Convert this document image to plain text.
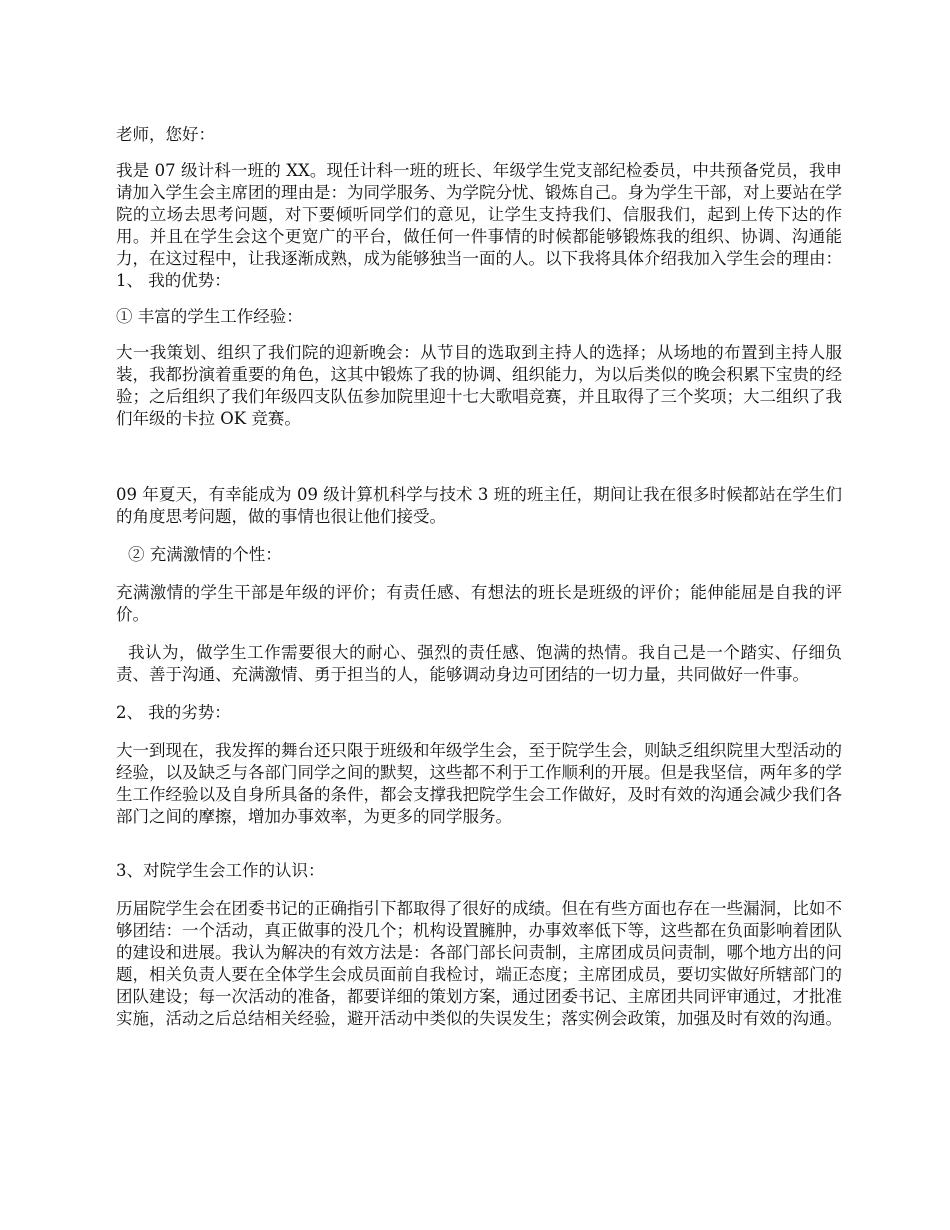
老师，您好：

我是 07 级计科一班的 XX。现任计科一班的班长、年级学生党支部纪检委员，中共预备党员，我申请加入学生会主席团的理由是：为同学服务、为学院分忧、锻炼自己。身为学生干部，对上要站在学院的立场去思考问题，对下要倾听同学们的意见，让学生支持我们、信服我们，起到上传下达的作用。并且在学生会这个更宽广的平台，做任何一件事情的时候都能够锻炼我的组织、协调、沟通能力，在这过程中，让我逐渐成熟，成为能够独当一面的人。以下我将具体介绍我加入学生会的理由：

1、 我的优势：

① 丰富的学生工作经验：

大一我策划、组织了我们院的迎新晚会：从节目的选取到主持人的选择；从场地的布置到主持人服装，我都扮演着重要的角色，这其中锻炼了我的协调、组织能力，为以后类似的晚会积累下宝贵的经验；之后组织了我们年级四支队伍参加院里迎十七大歌唱竞赛，并且取得了三个奖项；大二组织了我们年级的卡拉 OK 竞赛。

09 年夏天，有幸能成为 09 级计算机科学与技术 3 班的班主任，期间让我在很多时候都站在学生们的角度思考问题，做的事情也很让他们接受。

② 充满激情的个性：

充满激情的学生干部是年级的评价；有责任感、有想法的班长是班级的评价；能伸能屈是自我的评价。

我认为，做学生工作需要很大的耐心、强烈的责任感、饱满的热情。我自己是一个踏实、仔细负责、善于沟通、充满激情、勇于担当的人，能够调动身边可团结的一切力量，共同做好一件事。

2、 我的劣势：

大一到现在，我发挥的舞台还只限于班级和年级学生会，至于院学生会，则缺乏组织院里大型活动的经验，以及缺乏与各部门同学之间的默契，这些都不利于工作顺利的开展。但是我坚信，两年多的学生工作经验以及自身所具备的条件，都会支撑我把院学生会工作做好，及时有效的沟通会减少我们各部门之间的摩擦，增加办事效率，为更多的同学服务。

3、对院学生会工作的认识：

历届院学生会在团委书记的正确指引下都取得了很好的成绩。但在有些方面也存在一些漏洞，比如不够团结：一个活动，真正做事的没几个；机构设置臃肿，办事效率低下等，这些都在负面影响着团队的建设和进展。我认为解决的有效方法是：各部门部长问责制，主席团成员问责制，哪个地方出的问题，相关负责人要在全体学生会成员面前自我检讨，端正态度；主席团成员，要切实做好所辖部门的团队建设；每一次活动的准备，都要详细的策划方案，通过团委书记、主席团共同评审通过，才批准实施，活动之后总结相关经验，避开活动中类似的失误发生；落实例会政策，加强及时有效的沟通。
